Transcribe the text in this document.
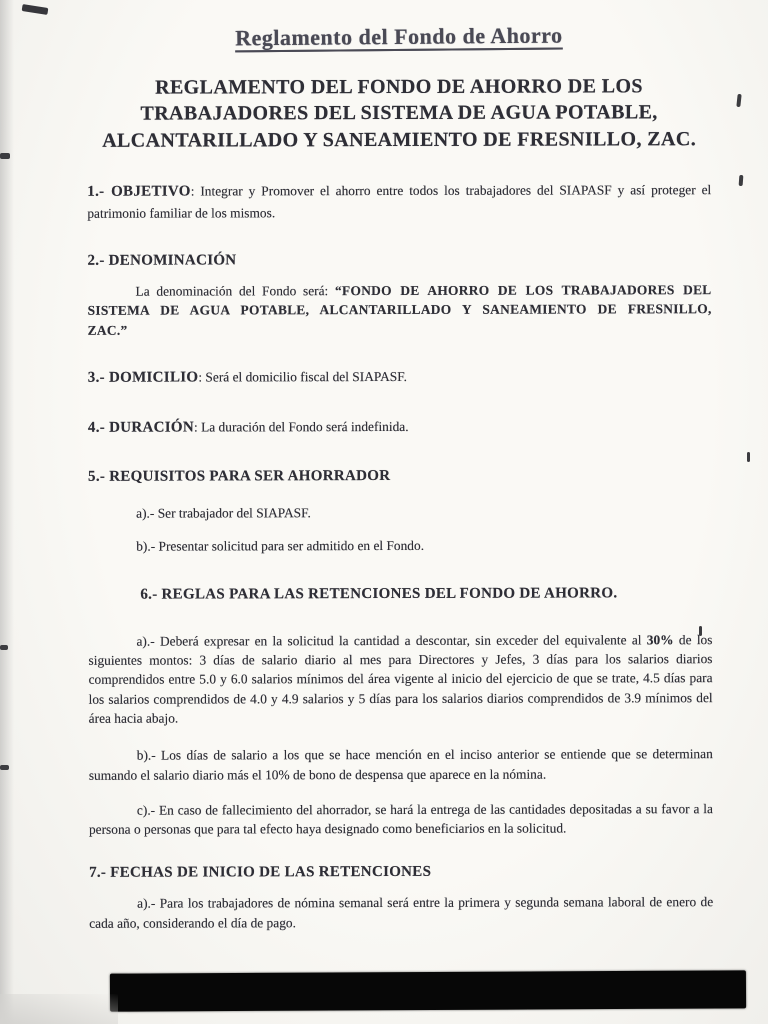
Reglamento del Fondo de Ahorro
REGLAMENTO DEL FONDO DE AHORRO DE LOS TRABAJADORES DEL SISTEMA DE AGUA POTABLE, ALCANTARILLADO Y SANEAMIENTO DE FRESNILLO, ZAC.

1.- OBJETIVO: Integrar y Promover el ahorro entre todos los trabajadores del SIAPASF y así proteger el patrimonio familiar de los mismos.

2.- DENOMINACIÓN

La denominación del Fondo será: “FONDO DE AHORRO DE LOS TRABAJADORES DEL SISTEMA DE AGUA POTABLE, ALCANTARILLADO Y SANEAMIENTO DE FRESNILLO, ZAC.”

3.- DOMICILIO: Será el domicilio fiscal del SIAPASF.

4.- DURACIÓN: La duración del Fondo será indefinida.

5.- REQUISITOS PARA SER AHORRADOR

a).- Ser trabajador del SIAPASF.

b).- Presentar solicitud para ser admitido en el Fondo.

6.- REGLAS PARA LAS RETENCIONES DEL FONDO DE AHORRO.

a).- Deberá expresar en la solicitud la cantidad a descontar, sin exceder del equivalente al 30% de los siguientes montos: 3 días de salario diario al mes para Directores y Jefes, 3 días para los salarios diarios comprendidos entre 5.0 y 6.0 salarios mínimos del área vigente al inicio del ejercicio de que se trate, 4.5 días para los salarios comprendidos de 4.0 y 4.9 salarios y 5 días para los salarios diarios comprendidos de 3.9 mínimos del área hacia abajo.

b).- Los días de salario a los que se hace mención en el inciso anterior se entiende que se determinan sumando el salario diario más el 10% de bono de despensa que aparece en la nómina.

c).- En caso de fallecimiento del ahorrador, se hará la entrega de las cantidades depositadas a su favor a la persona o personas que para tal efecto haya designado como beneficiarios en la solicitud.

7.- FECHAS DE INICIO DE LAS RETENCIONES

a).- Para los trabajadores de nómina semanal será entre la primera y segunda semana laboral de enero de cada año, considerando el día de pago.
